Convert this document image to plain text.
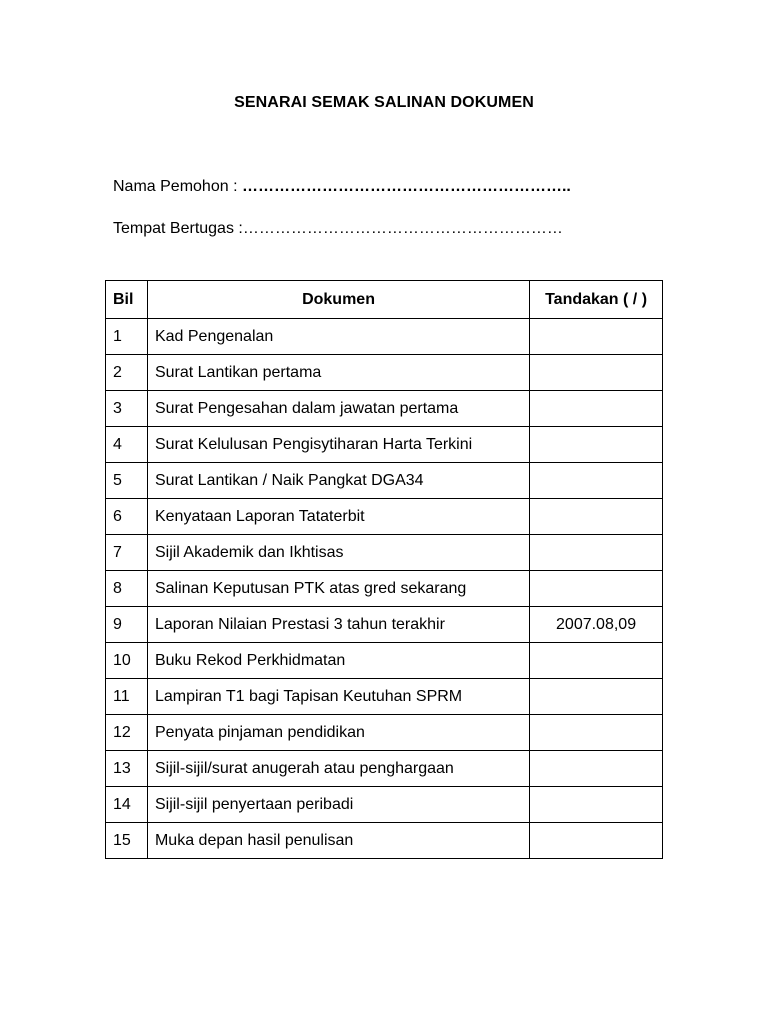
SENARAI SEMAK SALINAN DOKUMEN
Nama Pemohon : ……………………………………………………..
Tempat Bertugas :……………………………………………………
Bil	Dokumen	Tandakan ( / )
1	Kad Pengenalan	
2	Surat Lantikan pertama	
3	Surat Pengesahan dalam jawatan pertama	
4	Surat Kelulusan Pengisytiharan Harta Terkini	
5	Surat Lantikan / Naik Pangkat DGA34	
6	Kenyataan Laporan Tataterbit	
7	Sijil Akademik dan Ikhtisas	
8	Salinan Keputusan PTK atas gred sekarang	
9	Laporan Nilaian Prestasi 3 tahun terakhir	2007.08,09
10	Buku Rekod Perkhidmatan	
11	Lampiran T1 bagi Tapisan Keutuhan SPRM	
12	Penyata pinjaman pendidikan	
13	Sijil-sijil/surat anugerah atau penghargaan	
14	Sijil-sijil penyertaan peribadi	
15	Muka depan hasil penulisan	
